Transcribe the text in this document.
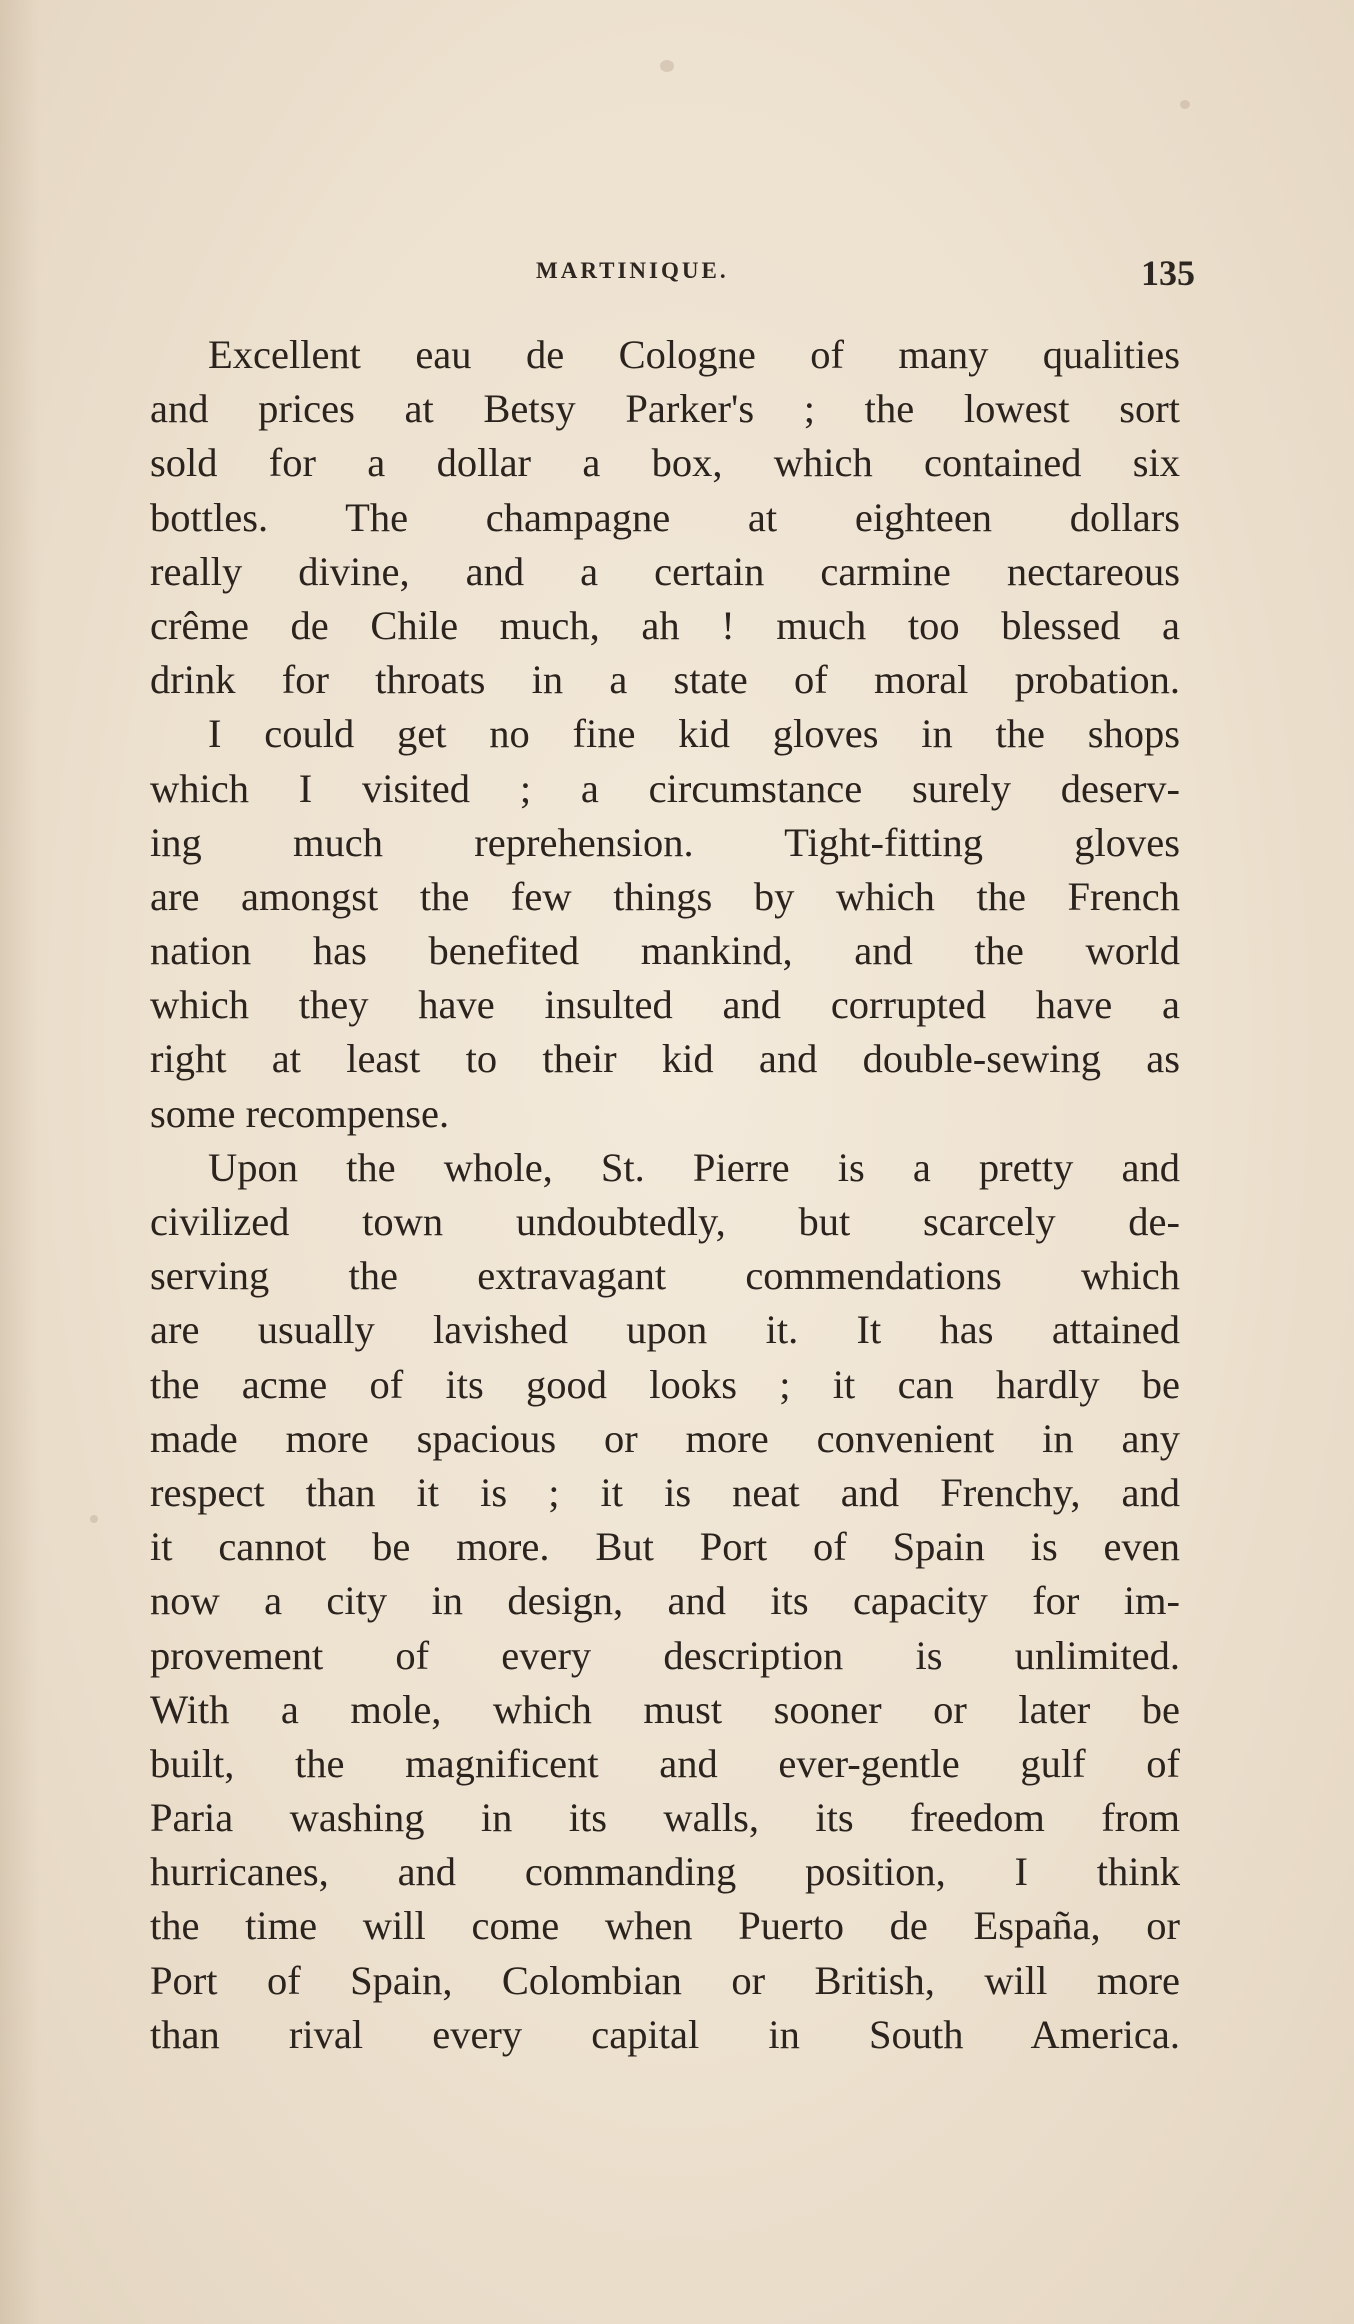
MARTINIQUE.	135
Excellent eau de Cologne of many qualities
and prices at Betsy Parker's ; the lowest sort
sold for a dollar a box, which contained six
bottles. The champagne at eighteen dollars
really divine, and a certain carmine nectareous
crême de Chile much, ah ! much too blessed a
drink for throats in a state of moral probation.
I could get no fine kid gloves in the shops
which I visited ; a circumstance surely deserv-
ing much reprehension. Tight-fitting gloves
are amongst the few things by which the French
nation has benefited mankind, and the world
which they have insulted and corrupted have a
right at least to their kid and double-sewing as
some recompense.
Upon the whole, St. Pierre is a pretty and
civilized town undoubtedly, but scarcely de-
serving the extravagant commendations which
are usually lavished upon it. It has attained
the acme of its good looks ; it can hardly be
made more spacious or more convenient in any
respect than it is ; it is neat and Frenchy, and
it cannot be more. But Port of Spain is even
now a city in design, and its capacity for im-
provement of every description is unlimited.
With a mole, which must sooner or later be
built, the magnificent and ever-gentle gulf of
Paria washing in its walls, its freedom from
hurricanes, and commanding position, I think
the time will come when Puerto de España, or
Port of Spain, Colombian or British, will more
than rival every capital in South America.
